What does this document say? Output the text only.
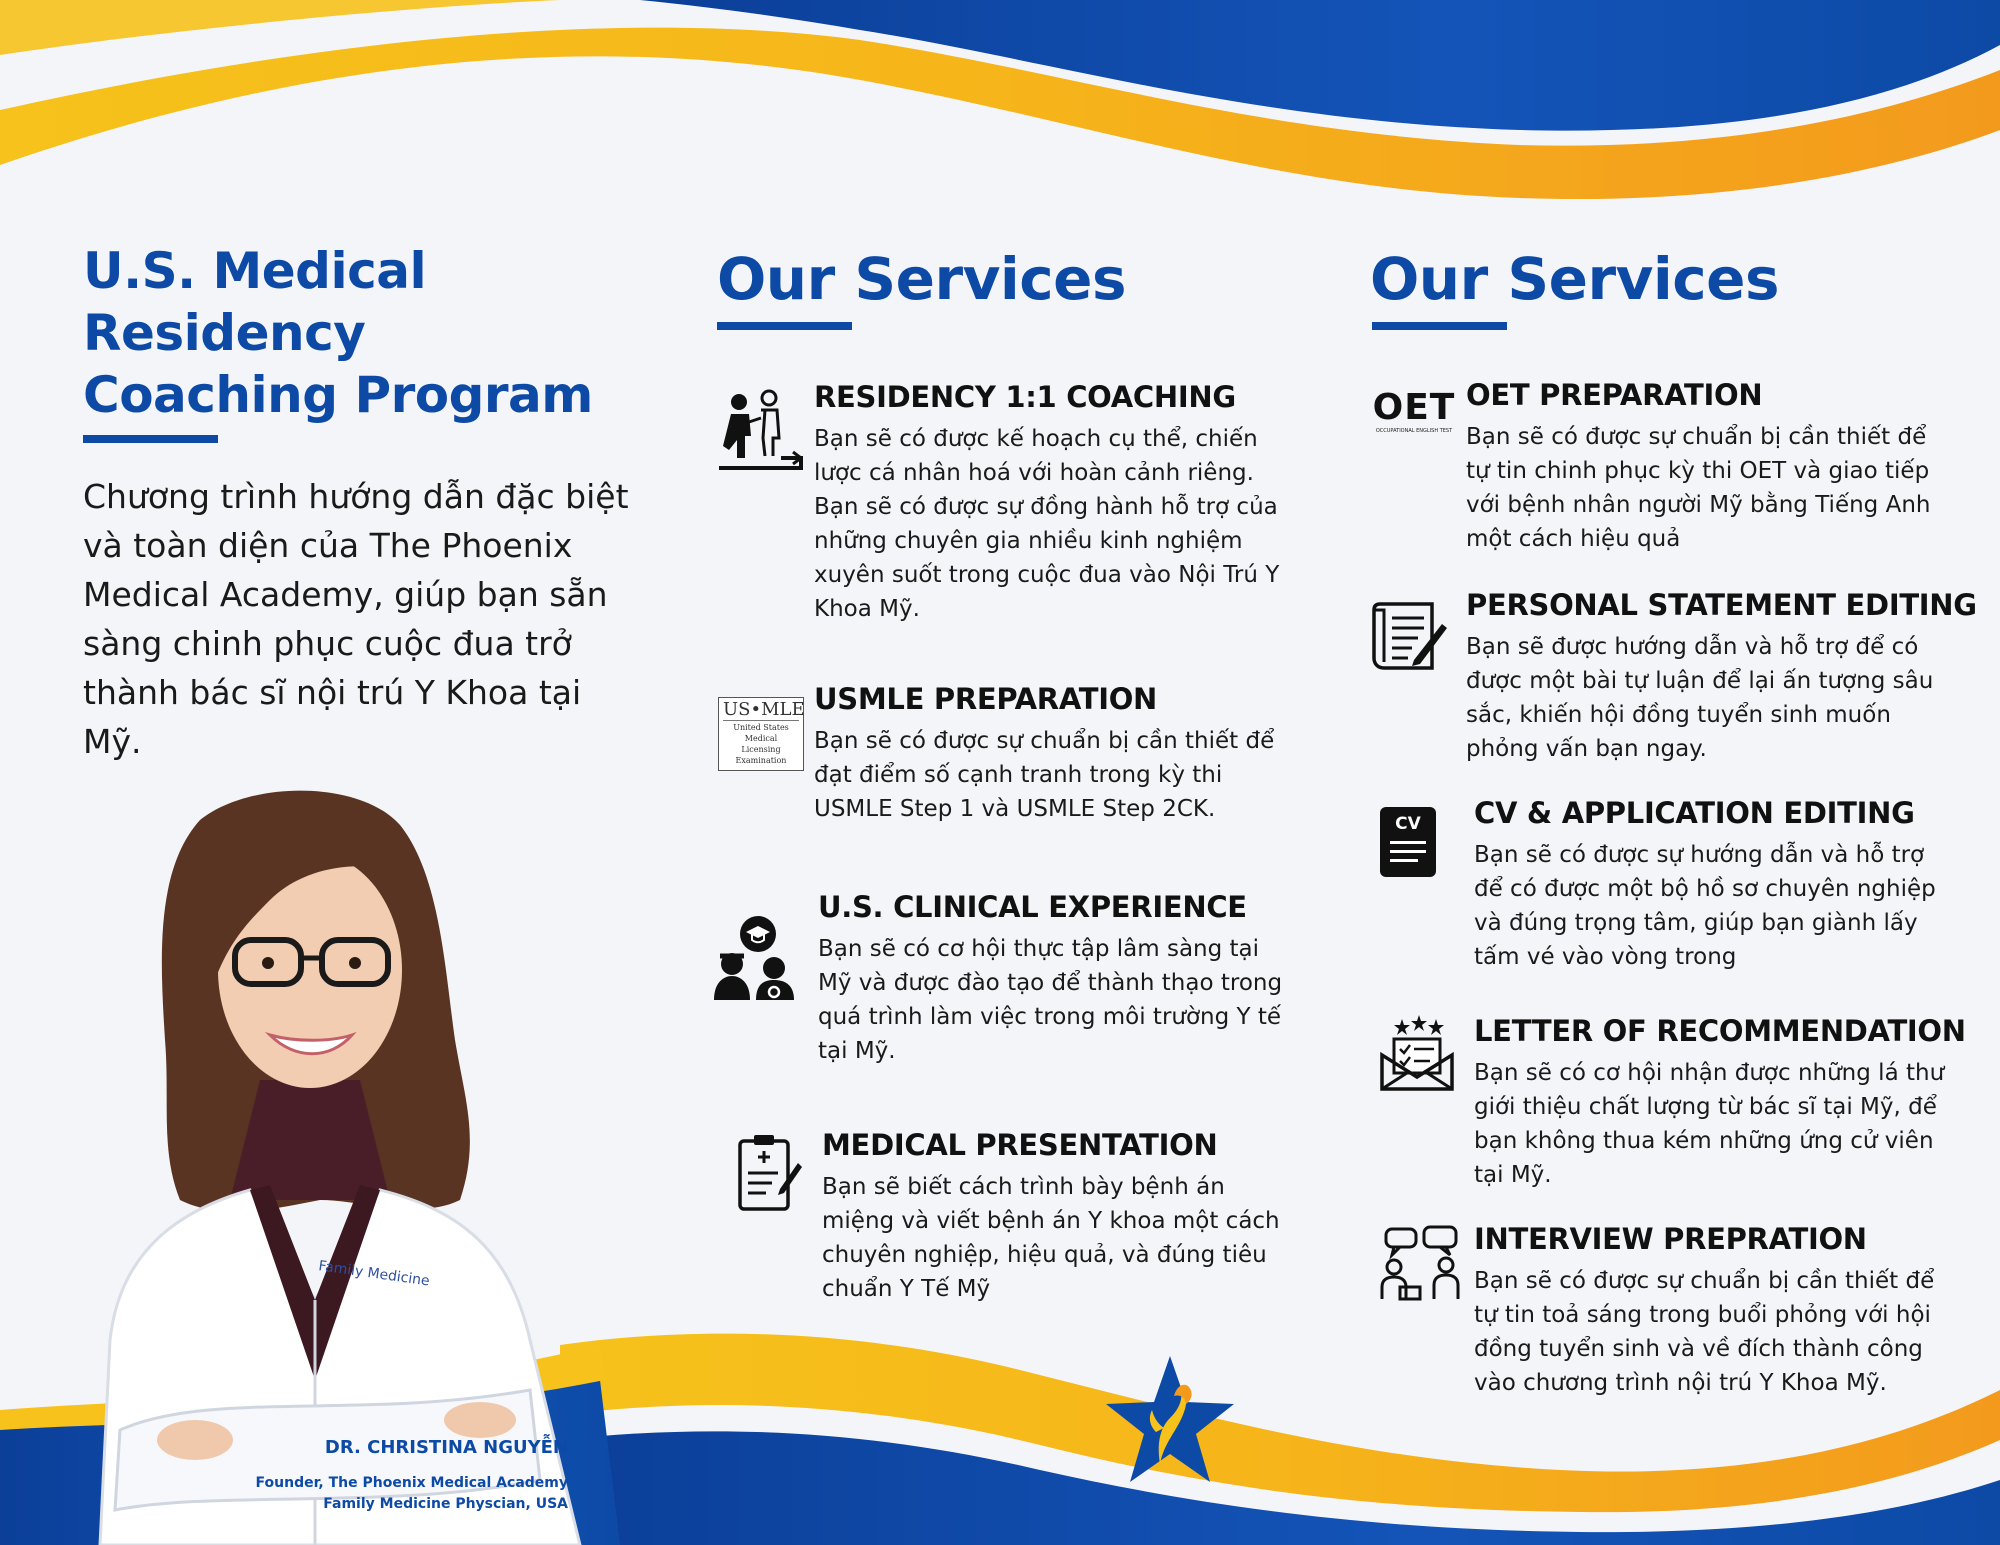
U.S. Medical
Residency
Coaching Program
Chương trình hướng dẫn đặc biệt và toàn diện của The Phoenix Medical Academy, giúp bạn sẵn sàng chinh phục cuộc đua trở thành bác sĩ nội trú Y Khoa tại Mỹ.
Family Medicine
DR. CHRISTINA NGUYỄN
Founder, The Phoenix Medical Academy
Family Medicine Physcian, USA
Our Services
RESIDENCY 1:1 COACHING
Bạn sẽ có được kế hoạch cụ thể, chiến lược cá nhân hoá với hoàn cảnh riêng. Bạn sẽ có được sự đồng hành hỗ trợ của những chuyên gia nhiều kinh nghiệm xuyên suốt trong cuộc đua vào Nội Trú Y Khoa Mỹ.
US•MLE
United States
Medical
Licensing
Examination
USMLE PREPARATION
Bạn sẽ có được sự chuẩn bị cần thiết để đạt điểm số cạnh tranh trong kỳ thi USMLE Step 1 và USMLE Step 2CK.
U.S. CLINICAL EXPERIENCE
Bạn sẽ có cơ hội thực tập lâm sàng tại Mỹ và được đào tạo để thành thạo trong quá trình làm việc trong môi trường Y tế tại Mỹ.
MEDICAL PRESENTATION
Bạn sẽ biết cách trình bày bệnh án miệng và viết bệnh án Y khoa một cách chuyên nghiệp, hiệu quả, và đúng tiêu chuẩn Y Tế Mỹ
Our Services
OET
OCCUPATIONAL ENGLISH TEST
OET PREPARATION
Bạn sẽ có được sự chuẩn bị cần thiết để tự tin chinh phục kỳ thi OET và giao tiếp với bệnh nhân người Mỹ bằng Tiếng Anh một cách hiệu quả
PERSONAL STATEMENT EDITING
Bạn sẽ được hướng dẫn và hỗ trợ để có được một bài tự luận để lại ấn tượng sâu sắc, khiến hội đồng tuyển sinh muốn phỏng vấn bạn ngay.
CV	CV & APPLICATION EDITING
Bạn sẽ có được sự hướng dẫn và hỗ trợ để có được một bộ hồ sơ chuyên nghiệp và đúng trọng tâm, giúp bạn giành lấy tấm vé vào vòng trong
LETTER OF RECOMMENDATION
Bạn sẽ có cơ hội nhận được những lá thư giới thiệu chất lượng từ bác sĩ tại Mỹ, để bạn không thua kém những ứng cử viên tại Mỹ.
INTERVIEW PREPRATION
Bạn sẽ có được sự chuẩn bị cần thiết để tự tin toả sáng trong buổi phỏng với hội đồng tuyển sinh và về đích thành công vào chương trình nội trú Y Khoa Mỹ.
